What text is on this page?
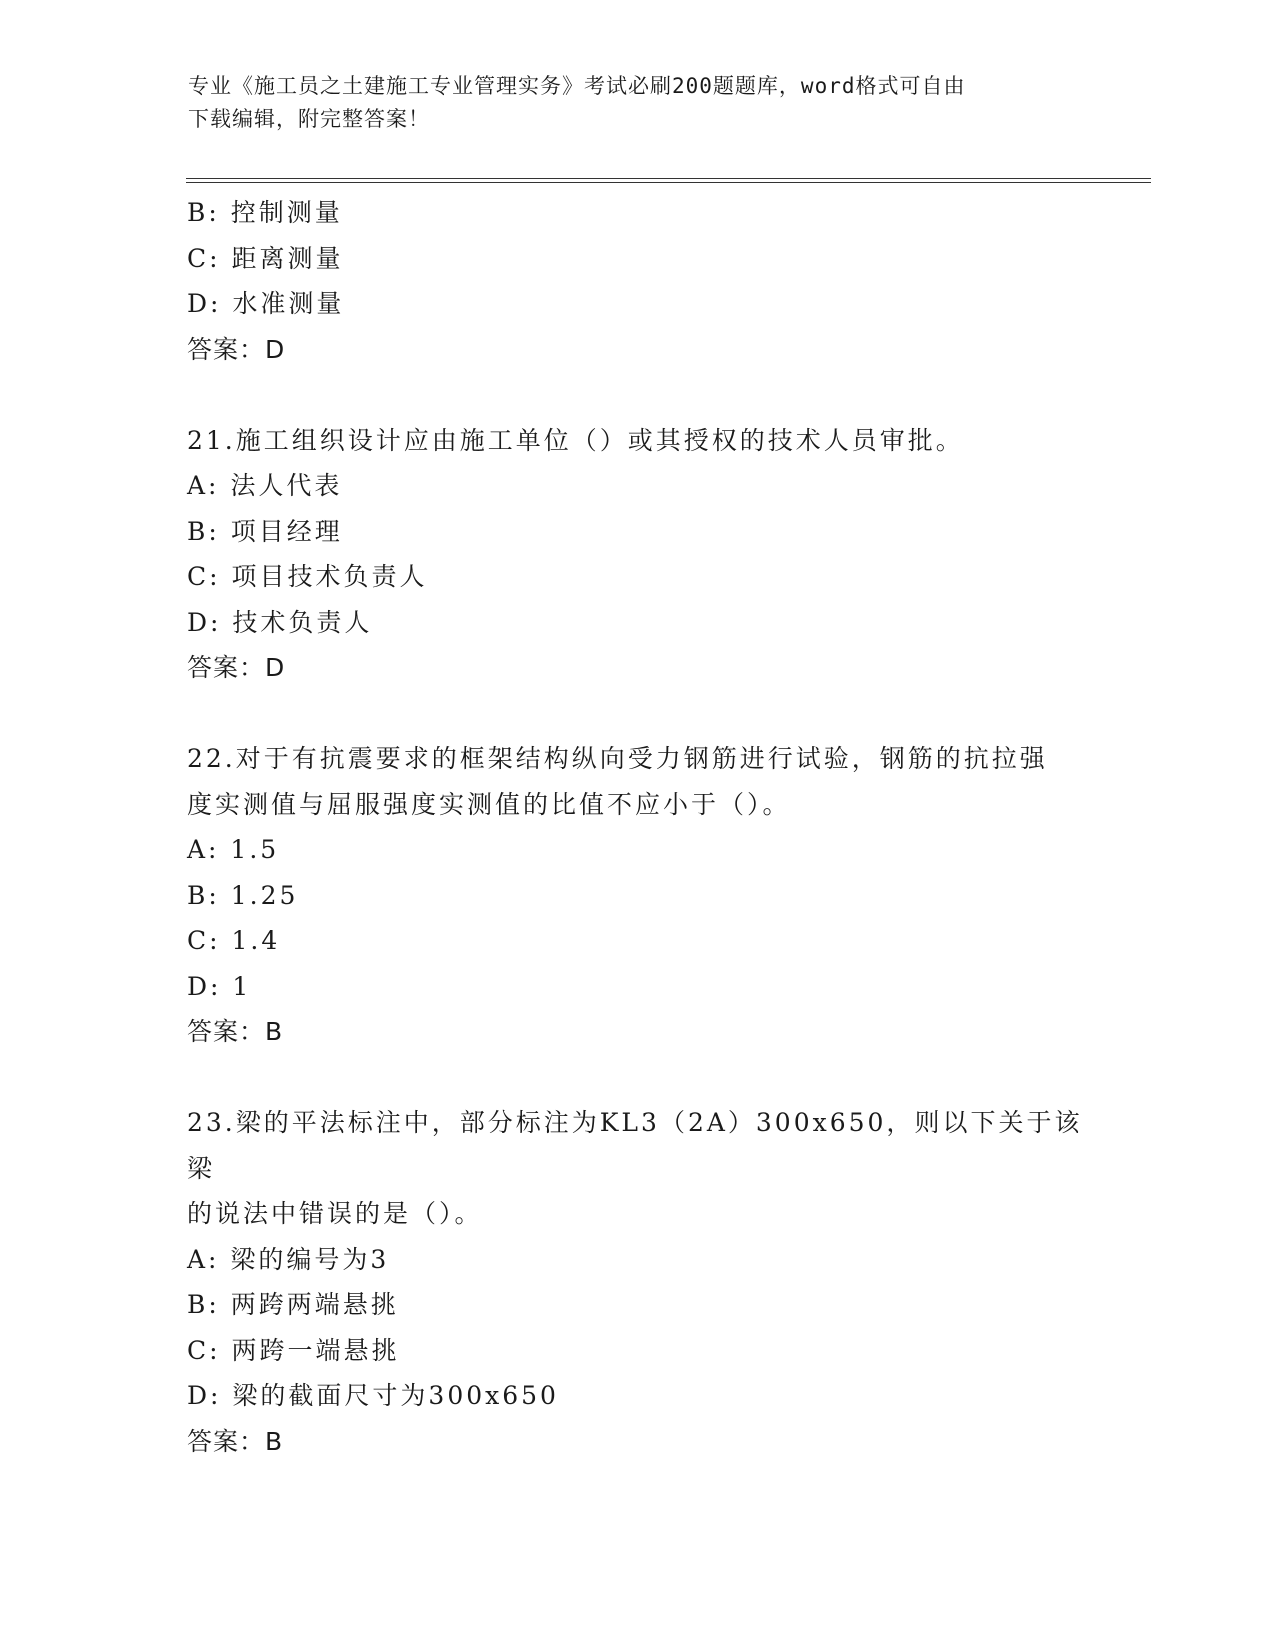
专业《施工员之土建施工专业管理实务》考试必刷200题题库，word格式可自由
下载编辑，附完整答案！
B: 控制测量
C: 距离测量
D: 水准测量
答案：D
21.施工组织设计应由施工单位（）或其授权的技术人员审批。
A: 法人代表
B: 项目经理
C: 项目技术负责人
D: 技术负责人
答案：D
22.对于有抗震要求的框架结构纵向受力钢筋进行试验，钢筋的抗拉强
度实测值与屈服强度实测值的比值不应小于（）。
A: 1.5
B: 1.25
C: 1.4
D: 1
答案：B
23.梁的平法标注中，部分标注为KL3（2A）300x650，则以下关于该梁
的说法中错误的是（）。
A: 梁的编号为3
B: 两跨两端悬挑
C: 两跨一端悬挑
D: 梁的截面尺寸为300x650
答案：B
